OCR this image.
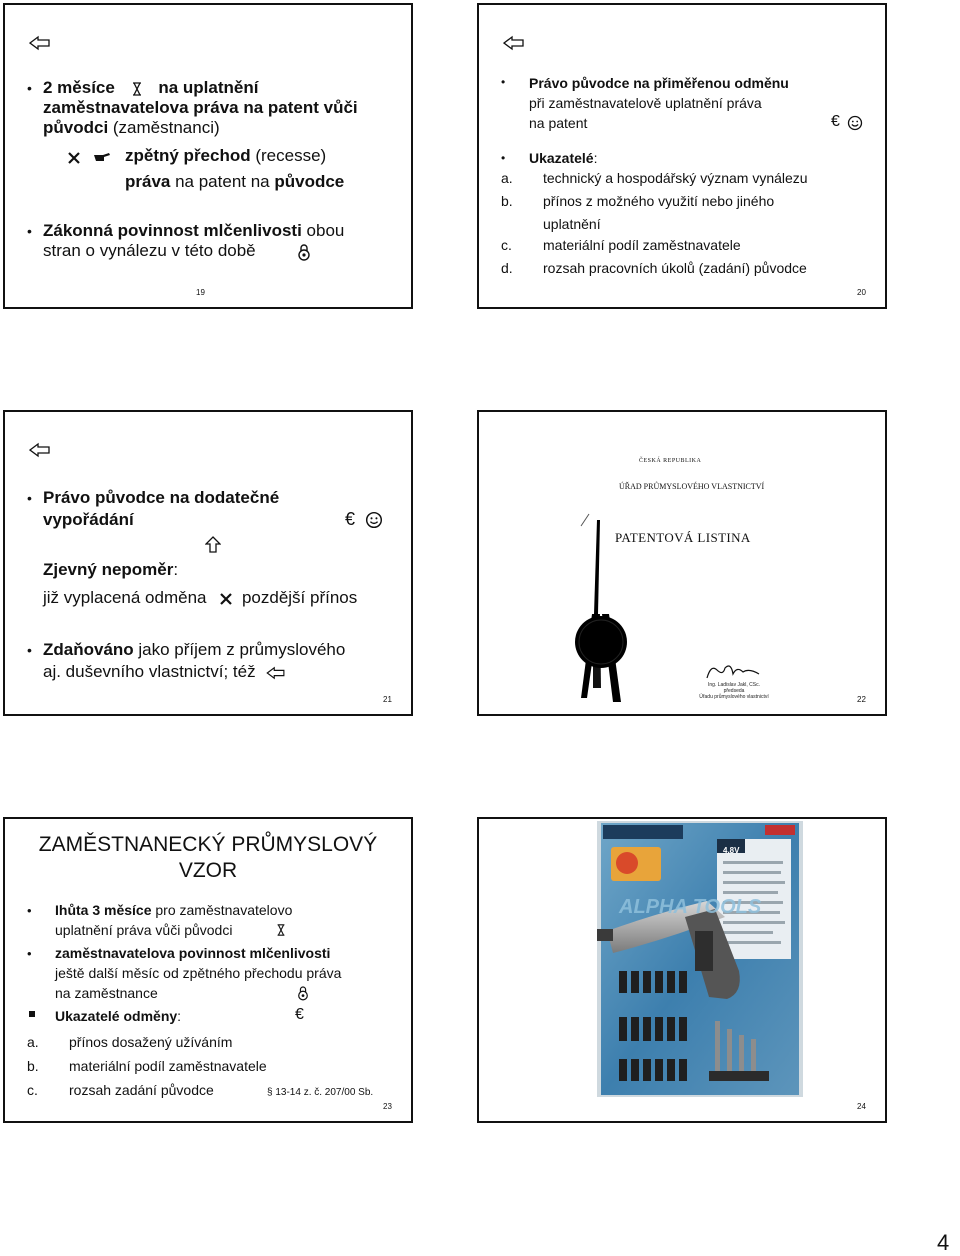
• 2 měsíce	na uplatnění
zaměstnavatelova práva na patent vůči
původci (zaměstnanci)
zpětný přechod (recesse)
práva na patent na původce
• Zákonná povinnost mlčenlivosti obou
stran o vynálezu v této době
19
• Právo původce na přiměřenou odměnu
při zaměstnavatelově uplatnění práva
na patent	€
• Ukazatelé:
a. technický a hospodářský význam vynálezu
b. přínos z možného využití nebo jiného
uplatnění
c. materiální podíl zaměstnavatele
d. rozsah pracovních úkolů (zadání) původce
20
• Právo původce na dodatečné
vypořádání	€
Zjevný nepoměr:
již vyplacená odměna pozdější přínos
• Zdaňováno jako příjem z průmyslového
aj. duševního vlastnictví; též
21
ČESKÁ REPUBLIKA
ÚŘAD PRŮMYSLOVÉHO VLASTNICTVÍ
PATENTOVÁ LISTINA
Ing. Ladislav Jakl, CSc.
předseda
Úřadu průmyslového vlastnictví	22
ZAMĚSTNANECKÝ PRŮMYSLOVÝ
VZOR
• Ihůta 3 měsíce pro zaměstnavatelovo
uplatnění práva vůči původci
• zaměstnavatelova povinnost mlčenlivosti
ještě další měsíc od zpětného přechodu práva
na zaměstnance
Ukazatelé odměny:	€
a. přínos dosažený užíváním
b. materiální podíl zaměstnavatele
c. rozsah zadání původce	§ 13-14 z. č. 207/00 Sb.
23
ALPHA TOOLS
4,8V
24
4
